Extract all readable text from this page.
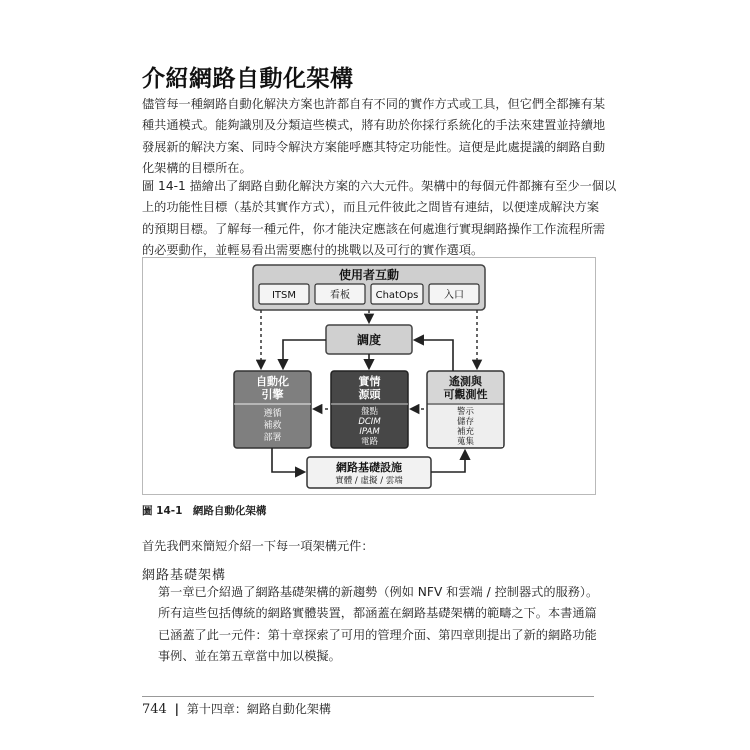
介紹網路自動化架構
儘管每一種網路自動化解決方案也許都自有不同的實作方式或工具，但它們全都擁有某
種共通模式。能夠識別及分類這些模式，將有助於你採行系統化的手法來建置並持續地
發展新的解決方案、同時令解決方案能呼應其特定功能性。這便是此處提議的網路自動
化架構的目標所在。
圖 14-1 描繪出了網路自動化解決方案的六大元件。架構中的每個元件都擁有至少一個以
上的功能性目標（基於其實作方式），而且元件彼此之間皆有連結，以便達成解決方案
的預期目標。了解每一種元件，你才能決定應該在何處進行實現網路操作工作流程所需
的必要動作，並輕易看出需要應付的挑戰以及可行的實作選項。
使用者互動
ITSM	看板	ChatOps	入口
調度
自動化
引擎
遵循
補救
部署
實情
源頭
盤點
DCIM
IPAM
電路
遙測與
可觀測性
警示
儲存
補充
蒐集
網路基礎設施
實體 / 虛擬 / 雲端

圖 14-1　網路自動化架構

首先我們來簡短介紹一下每一項架構元件：

網路基礎架構

第一章已介紹過了網路基礎架構的新趨勢（例如 NFV 和雲端 / 控制器式的服務）。
所有這些包括傳統的網路實體裝置，都涵蓋在網路基礎架構的範疇之下。本書通篇
已涵蓋了此一元件：第十章探索了可用的管理介面、第四章則提出了新的網路功能
事例、並在第五章當中加以模擬。
744 | 第十四章：網路自動化架構
